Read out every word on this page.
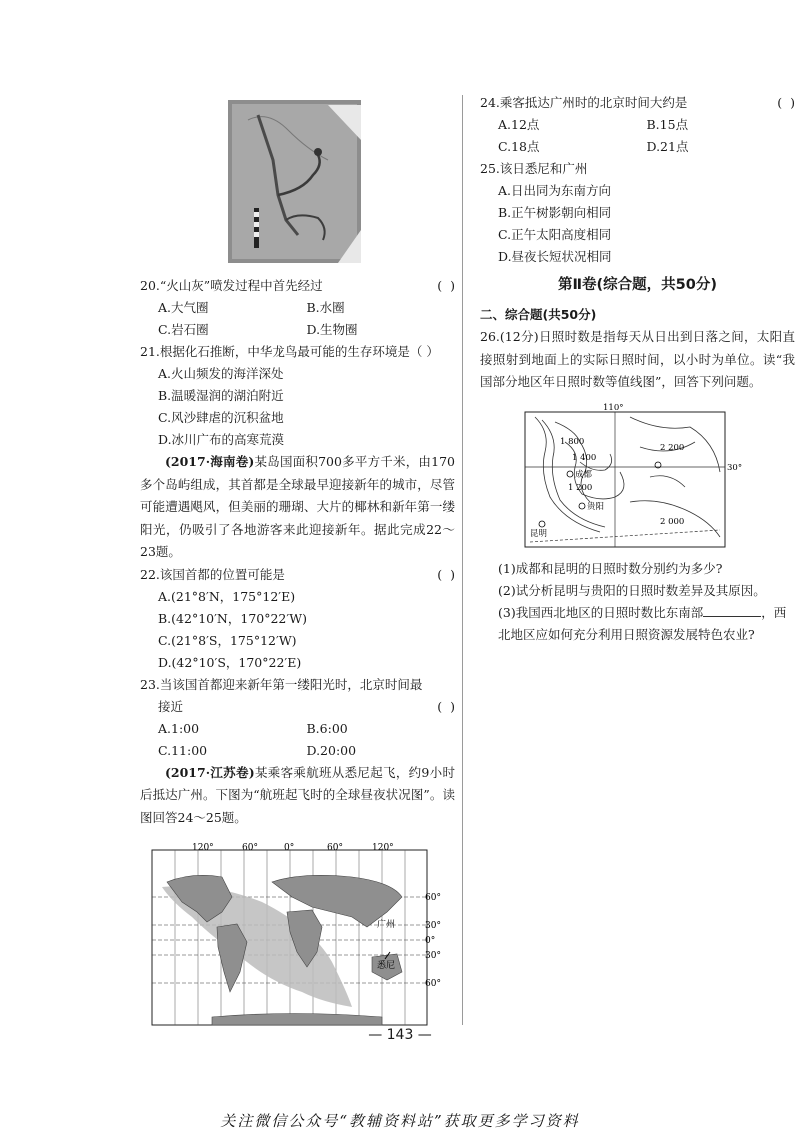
20.“火山灰”喷发过程中首先经过	(  )
A.大气圈	B.水圈
C.岩石圈	D.生物圈
21.根据化石推断，中华龙鸟最可能的生存环境是（ ）
A.火山频发的海洋深处
B.温暖湿润的湖泊附近
C.风沙肆虐的沉积盆地
D.冰川广布的高寒荒漠
(2017·海南卷)某岛国面积700多平方千米，由170多个岛屿组成，其首都是全球最早迎接新年的城市，尽管可能遭遇飓风，但美丽的珊瑚、大片的椰林和新年第一缕阳光，仍吸引了各地游客来此迎接新年。据此完成22～23题。
22.该国首都的位置可能是	(  )
A.(21°8′N，175°12′E)
B.(42°10′N，170°22′W)
C.(21°8′S，175°12′W)
D.(42°10′S，170°22′E)
23.当该国首都迎来新年第一缕阳光时，北京时间最
接近	(  )
A.1:00	B.6:00
C.11:00	D.20:00
(2017·江苏卷)某乘客乘航班从悉尼起飞，约9小时后抵达广州。下图为“航班起飞时的全球昼夜状况图”。读图回答24～25题。
广州
悉尼
120°	60°	0°	60°	120°
60°
30°
0°
30°
60°
24.乘客抵达广州时的北京时间大约是	(  )
A.12点	B.15点
C.18点	D.21点
25.该日悉尼和广州
A.日出同为东南方向
B.正午树影朝向相同
C.正午太阳高度相同
D.昼夜长短状况相同
第Ⅱ卷(综合题，共50分)
二、综合题(共50分)
26.(12分)日照时数是指每天从日出到日落之间，太阳直接照射到地面上的实际日照时间，以小时为单位。读“我国部分地区年日照时数等值线图”，回答下列问题。
110°
30°
1 800
1 400
2 200
1 200
2 000
成都
贵阳
昆明
(1)成都和昆明的日照时数分别约为多少?
(2)试分析昆明与贵阳的日照时数差异及其原因。
(3)我国西北地区的日照时数比东南部	，西北地区应如何充分利用日照资源发展特色农业?
— 143 —
关注微信公众号“教辅资料站”获取更多学习资料
